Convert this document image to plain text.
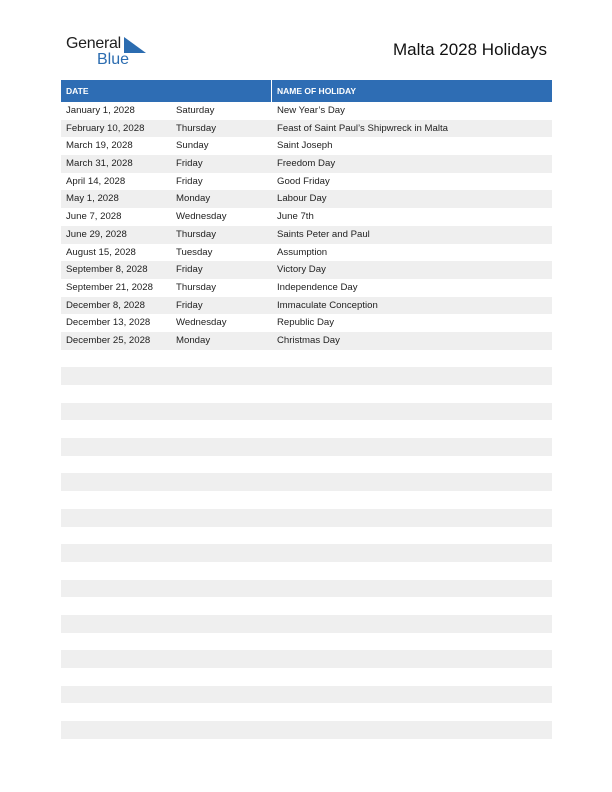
General
Blue
Malta 2028 Holidays
DATE	NAME OF HOLIDAY
January 1, 2028	Saturday	New Year’s Day
February 10, 2028	Thursday	Feast of Saint Paul’s Shipwreck in Malta
March 19, 2028	Sunday	Saint Joseph
March 31, 2028	Friday	Freedom Day
April 14, 2028	Friday	Good Friday
May 1, 2028	Monday	Labour Day
June 7, 2028	Wednesday	June 7th
June 29, 2028	Thursday	Saints Peter and Paul
August 15, 2028	Tuesday	Assumption
September 8, 2028	Friday	Victory Day
September 21, 2028 Thursday	Independence Day
December 8, 2028	Friday	Immaculate Conception
December 13, 2028	Wednesday	Republic Day
December 25, 2028	Monday	Christmas Day
